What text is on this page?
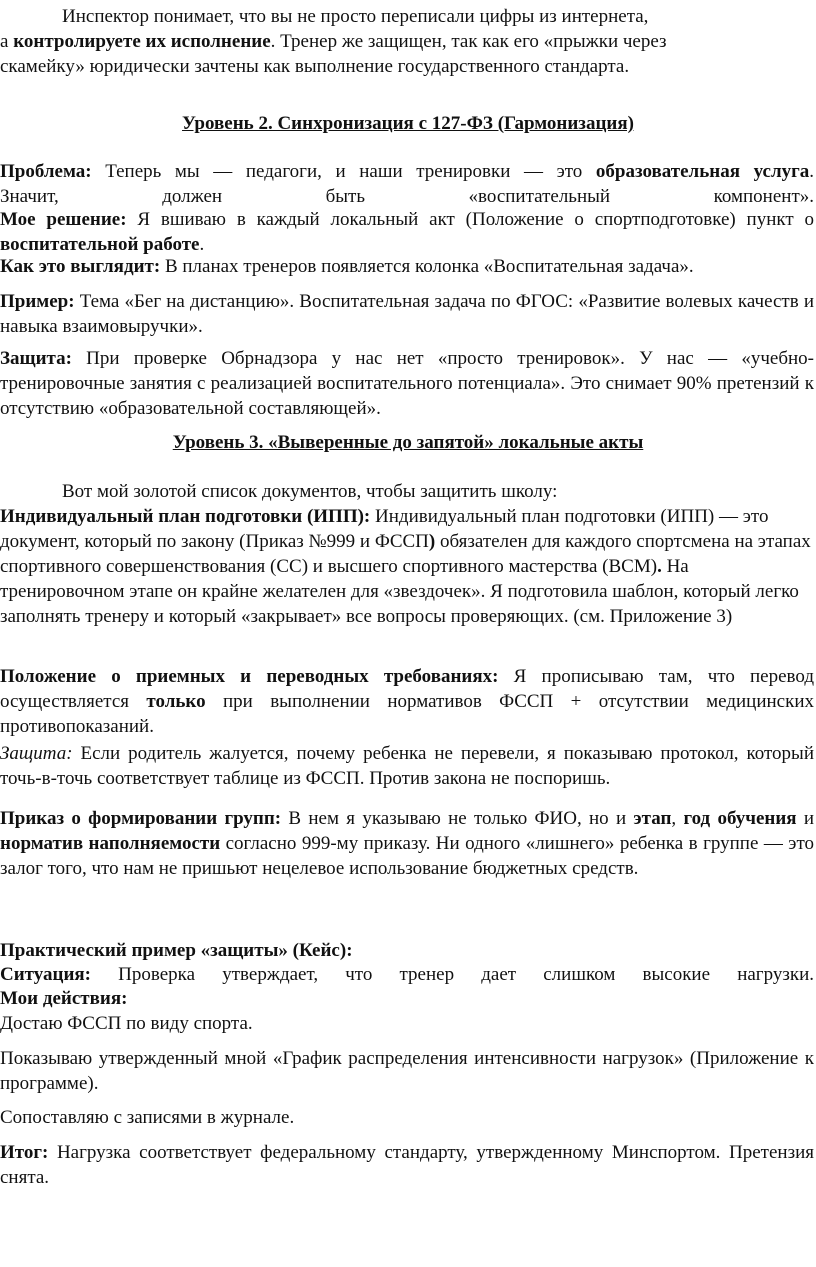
Инспектор понимает, что вы не просто переписали цифры из интернета,
а контролируете их исполнение. Тренер же защищен, так как его «прыжки через
скамейку» юридически зачтены как выполнение государственного стандарта.

Уровень 2. Синхронизация с 127-ФЗ (Гармонизация)

Проблема: Теперь мы — педагоги, и наши тренировки — это образовательная услуга.

Значит, должен быть «воспитательный компонент».

Мое решение: Я вшиваю в каждый локальный акт (Положение о спортподготовке) пункт о воспитательной работе.

Как это выглядит: В планах тренеров появляется колонка «Воспитательная задача».

Пример: Тема «Бег на дистанцию». Воспитательная задача по ФГОС: «Развитие волевых качеств и навыка взаимовыручки».

Защита: При проверке Обрнадзора у нас нет «просто тренировок». У нас — «учебно-тренировочные занятия с реализацией воспитательного потенциала». Это снимает 90% претензий к отсутствию «образовательной составляющей».

Уровень 3. «Выверенные до запятой» локальные акты

Вот мой золотой список документов, чтобы защитить школу:

Индивидуальный план подготовки (ИПП): Индивидуальный план подготовки (ИПП) — это документ, который по закону (Приказ №999 и ФССП) обязателен для каждого спортсмена на этапах спортивного совершенствования (СС) и высшего спортивного мастерства (ВСМ). На тренировочном этапе он крайне желателен для «звездочек». Я подготовила шаблон, который легко заполнять тренеру и который «закрывает» все вопросы проверяющих. (см. Приложение 3)

Положение о приемных и переводных требованиях: Я прописываю там, что перевод осуществляется только при выполнении нормативов ФССП + отсутствии медицинских противопоказаний.

Защита: Если родитель жалуется, почему ребенка не перевели, я показываю протокол, который точь-в-точь соответствует таблице из ФССП. Против закона не поспоришь.

Приказ о формировании групп: В нем я указываю не только ФИО, но и этап, год обучения и норматив наполняемости согласно 999-му приказу. Ни одного «лишнего» ребенка в группе — это залог того, что нам не пришьют нецелевое использование бюджетных средств.

Практический пример «защиты» (Кейс):

Ситуация: Проверка утверждает, что тренер дает слишком высокие нагрузки.

Мои действия:

Достаю ФССП по виду спорта.

Показываю утвержденный мной «График распределения интенсивности нагрузок» (Приложение к программе).

Сопоставляю с записями в журнале.

Итог: Нагрузка соответствует федеральному стандарту, утвержденному Минспортом. Претензия снята.
